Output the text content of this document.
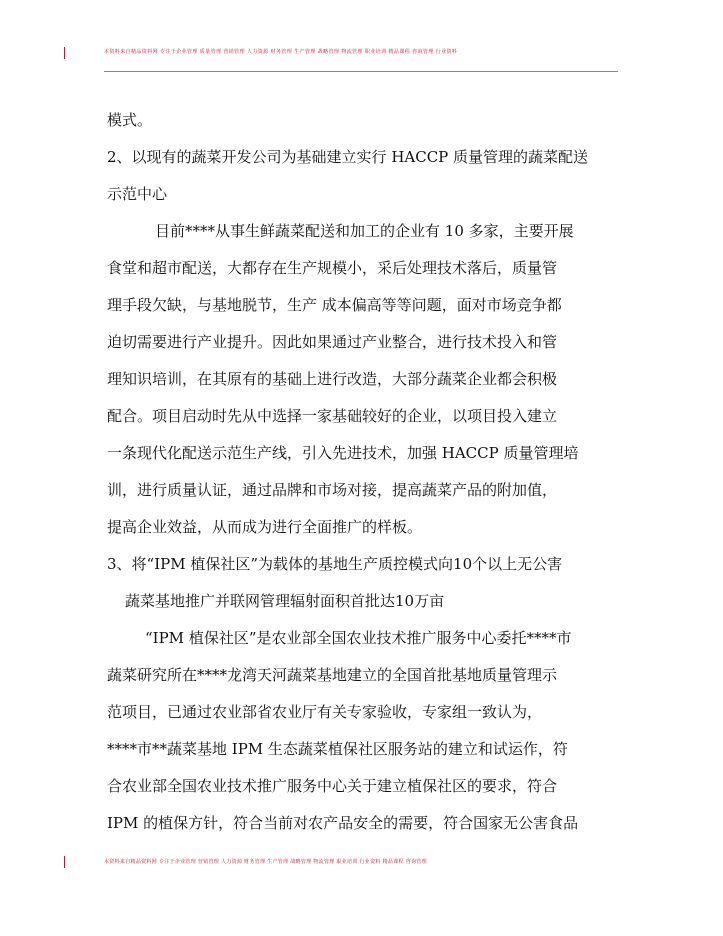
本资料来自精品资料网 专注于企业管理 质量管理 营销管理 人力资源 财务管理 生产管理 战略管理 物流管理 职业培训 精品课程 咨询管理 行业资料
模式。
2、以现有的蔬菜开发公司为基础建立实行 HACCP 质量管理的蔬菜配送
示范中心
目前****从事生鲜蔬菜配送和加工的企业有 10 多家，主要开展
食堂和超市配送，大都存在生产规模小，采后处理技术落后，质量管
理手段欠缺，与基地脱节，生产 成本偏高等等问题，面对市场竞争都
迫切需要进行产业提升。因此如果通过产业整合，进行技术投入和管
理知识培训，在其原有的基础上进行改造，大部分蔬菜企业都会积极
配合。项目启动时先从中选择一家基础较好的企业，以项目投入建立
一条现代化配送示范生产线，引入先进技术，加强 HACCP 质量管理培
训，进行质量认证，通过品牌和市场对接，提高蔬菜产品的附加值，
提高企业效益，从而成为进行全面推广的样板。
3、将“IPM 植保社区”为载体的基地生产质控模式向10个以上无公害
蔬菜基地推广并联网管理辐射面积首批达10万亩
“IPM 植保社区”是农业部全国农业技术推广服务中心委托****市
蔬菜研究所在****龙湾天河蔬菜基地建立的全国首批基地质量管理示
范项目，已通过农业部省农业厅有关专家验收，专家组一致认为，
****市**蔬菜基地 IPM 生态蔬菜植保社区服务站的建立和试运作，符
合农业部全国农业技术推广服务中心关于建立植保社区的要求，符合
IPM 的植保方针，符合当前对农产品安全的需要，符合国家无公害食品
本资料来自精品资料网 专注于企业管理 营销管理 人力资源 财务管理 生产管理 战略管理 物流管理 职业培训 行业资料 精品课程 咨询管理
